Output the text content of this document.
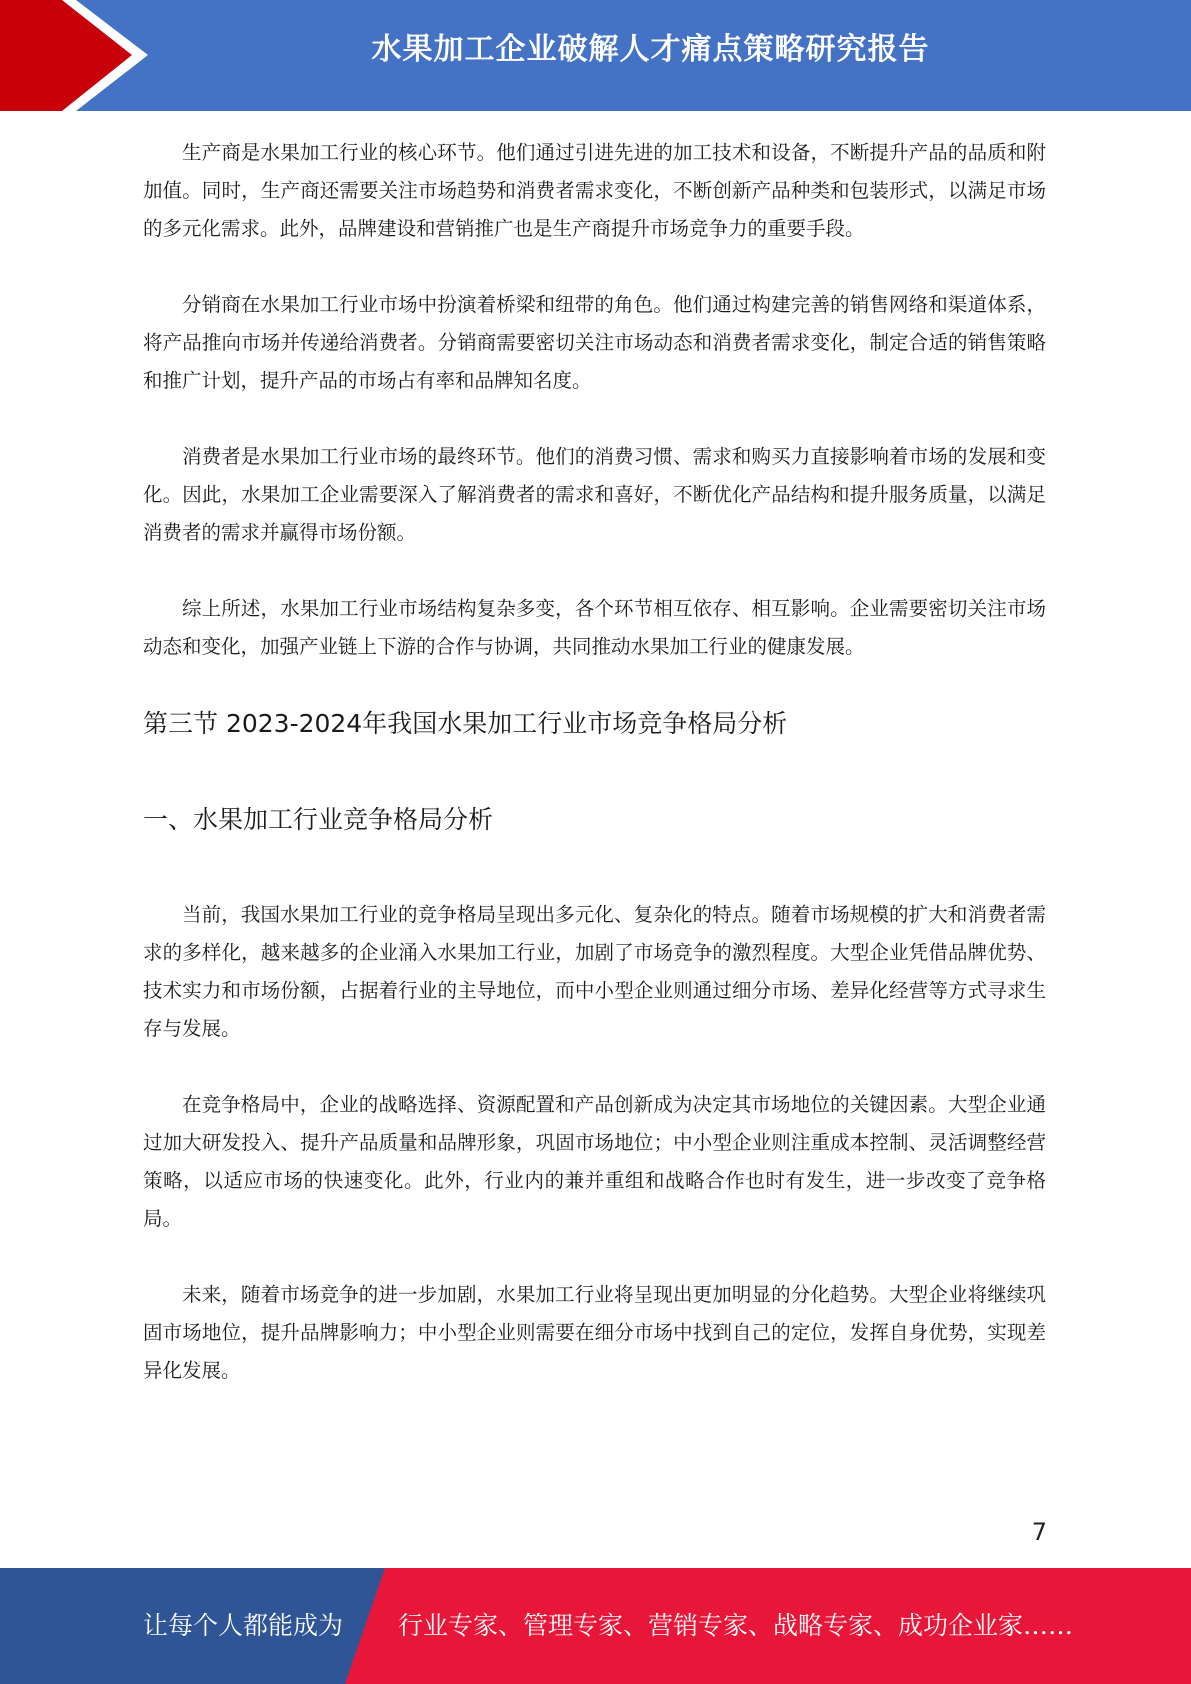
水果加工企业破解人才痛点策略研究报告

生产商是水果加工行业的核心环节。他们通过引进先进的加工技术和设备，不断提升产品的品质和附加值。同时，生产商还需要关注市场趋势和消费者需求变化，不断创新产品种类和包装形式，以满足市场的多元化需求。此外，品牌建设和营销推广也是生产商提升市场竞争力的重要手段。

分销商在水果加工行业市场中扮演着桥梁和纽带的角色。他们通过构建完善的销售网络和渠道体系，将产品推向市场并传递给消费者。分销商需要密切关注市场动态和消费者需求变化，制定合适的销售策略和推广计划，提升产品的市场占有率和品牌知名度。

消费者是水果加工行业市场的最终环节。他们的消费习惯、需求和购买力直接影响着市场的发展和变化。因此，水果加工企业需要深入了解消费者的需求和喜好，不断优化产品结构和提升服务质量，以满足消费者的需求并赢得市场份额。

综上所述，水果加工行业市场结构复杂多变，各个环节相互依存、相互影响。企业需要密切关注市场动态和变化，加强产业链上下游的合作与协调，共同推动水果加工行业的健康发展。

第三节 2023-2024年我国水果加工行业市场竞争格局分析
一、水果加工行业竞争格局分析

当前，我国水果加工行业的竞争格局呈现出多元化、复杂化的特点。随着市场规模的扩大和消费者需求的多样化，越来越多的企业涌入水果加工行业，加剧了市场竞争的激烈程度。大型企业凭借品牌优势、技术实力和市场份额，占据着行业的主导地位，而中小型企业则通过细分市场、差异化经营等方式寻求生存与发展。

在竞争格局中，企业的战略选择、资源配置和产品创新成为决定其市场地位的关键因素。大型企业通过加大研发投入、提升产品质量和品牌形象，巩固市场地位；中小型企业则注重成本控制、灵活调整经营策略，以适应市场的快速变化。此外，行业内的兼并重组和战略合作也时有发生，进一步改变了竞争格局。

未来，随着市场竞争的进一步加剧，水果加工行业将呈现出更加明显的分化趋势。大型企业将继续巩固市场地位，提升品牌影响力；中小型企业则需要在细分市场中找到自己的定位，发挥自身优势，实现差异化发展。

7
让每个人都能成为 行业专家、管理专家、营销专家、战略专家、成功企业家……
